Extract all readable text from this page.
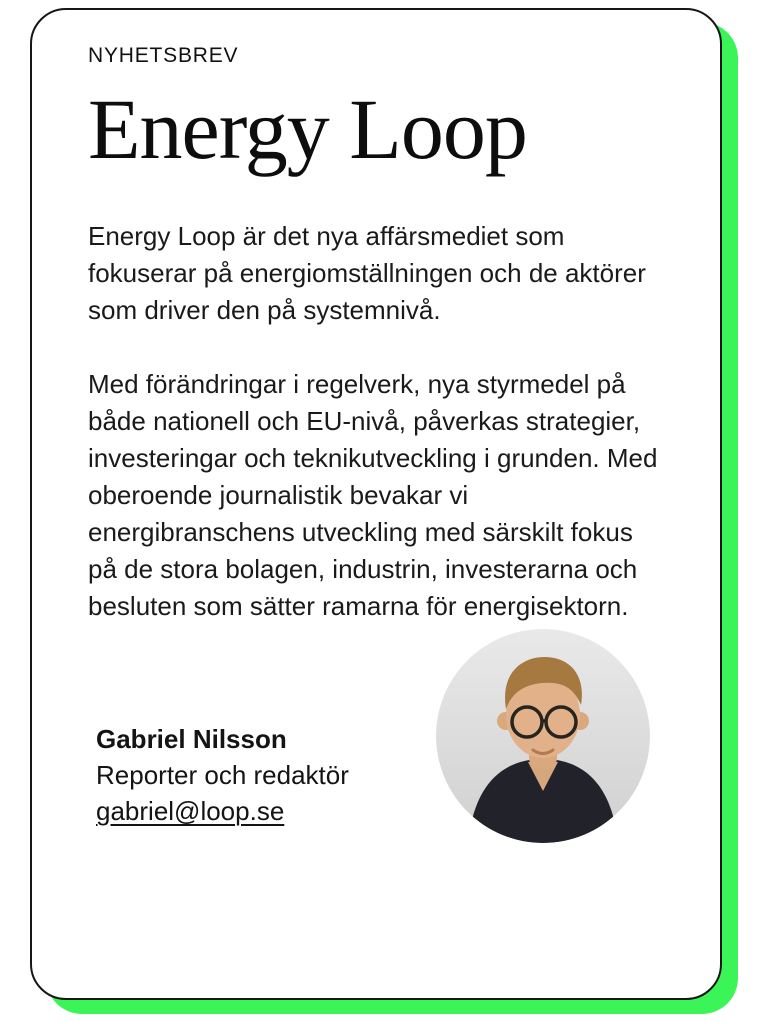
NYHETSBREV
Energy Loop

Energy Loop är det nya affärsmediet som fokuserar på energiomställningen och de aktörer som driver den på systemnivå.

Med förändringar i regelverk, nya styrmedel på både nationell och EU-nivå, påverkas strategier, investeringar och teknikutveckling i grunden. Med oberoende journalistik bevakar vi energibranschens utveckling med särskilt fokus på de stora bolagen, industrin, investerarna och besluten som sätter ramarna för energisektorn.

Gabriel Nilsson
Reporter och redaktör
gabriel@loop.se
